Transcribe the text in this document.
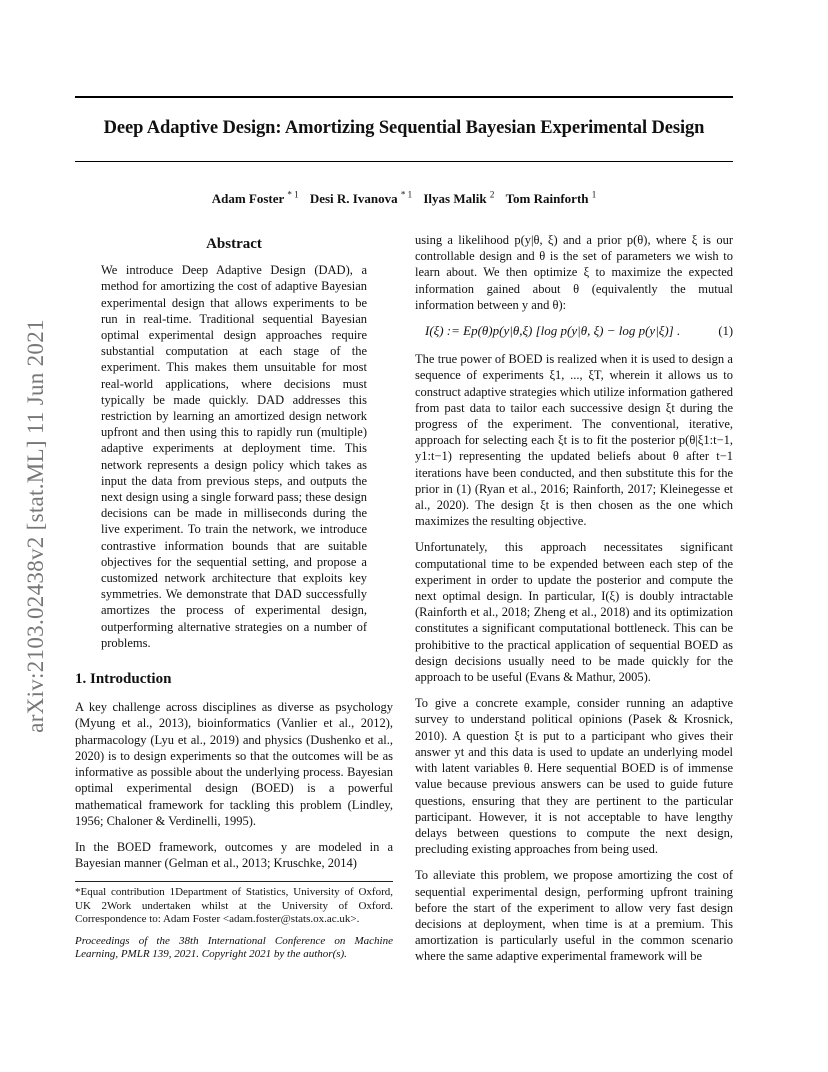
Deep Adaptive Design: Amortizing Sequential Bayesian Experimental Design
Adam Foster $^{* 1}$ Desi R. Ivanova $^{* 1}$ Ilyas Malik $^2$ Tom Rainforth $^1$
arXiv:2103.02438v2 [stat.ML] 11 Jun 2021
Abstract

We introduce Deep Adaptive Design (DAD), a method for amortizing the cost of adaptive Bayesian experimental design that allows experiments to be run in real-time. Traditional sequential Bayesian optimal experimental design approaches require substantial computation at each stage of the experiment. This makes them unsuitable for most real-world applications, where decisions must typically be made quickly. DAD addresses this restriction by learning an amortized design network upfront and then using this to rapidly run (multiple) adaptive experiments at deployment time. This network represents a design policy which takes as input the data from previous steps, and outputs the next design using a single forward pass; these design decisions can be made in milliseconds during the live experiment. To train the network, we introduce contrastive information bounds that are suitable objectives for the sequential setting, and propose a customized network architecture that exploits key symmetries. We demonstrate that DAD successfully amortizes the process of experimental design, outperforming alternative strategies on a number of problems.

1. Introduction

A key challenge across disciplines as diverse as psychology (Myung et al., 2013), bioinformatics (Vanlier et al., 2012), pharmacology (Lyu et al., 2019) and physics (Dushenko et al., 2020) is to design experiments so that the outcomes will be as informative as possible about the underlying process. Bayesian optimal experimental design (BOED) is a powerful mathematical framework for tackling this problem (Lindley, 1956; Chaloner & Verdinelli, 1995).

In the BOED framework, outcomes y are modeled in a Bayesian manner (Gelman et al., 2013; Kruschke, 2014)

*Equal contribution 1Department of Statistics, University of Oxford, UK 2Work undertaken whilst at the University of Oxford. Correspondence to: Adam Foster <adam.foster@stats.ox.ac.uk>.

Proceedings of the 38th International Conference on Machine Learning, PMLR 139, 2021. Copyright 2021 by the author(s).

using a likelihood p(y|θ, ξ) and a prior p(θ), where ξ is our controllable design and θ is the set of parameters we wish to learn about. We then optimize ξ to maximize the expected information gained about θ (equivalently the mutual information between y and θ):

I(ξ) := Ep(θ)p(y|θ,ξ) [log p(y|θ, ξ) − log p(y|ξ)] .	(1)

The true power of BOED is realized when it is used to design a sequence of experiments ξ1, ..., ξT, wherein it allows us to construct adaptive strategies which utilize information gathered from past data to tailor each successive design ξt during the progress of the experiment. The conventional, iterative, approach for selecting each ξt is to fit the posterior p(θ|ξ1:t−1, y1:t−1) representing the updated beliefs about θ after t−1 iterations have been conducted, and then substitute this for the prior in (1) (Ryan et al., 2016; Rainforth, 2017; Kleinegesse et al., 2020). The design ξt is then chosen as the one which maximizes the resulting objective.

Unfortunately, this approach necessitates significant computational time to be expended between each step of the experiment in order to update the posterior and compute the next optimal design. In particular, I(ξ) is doubly intractable (Rainforth et al., 2018; Zheng et al., 2018) and its optimization constitutes a significant computational bottleneck. This can be prohibitive to the practical application of sequential BOED as design decisions usually need to be made quickly for the approach to be useful (Evans & Mathur, 2005).

To give a concrete example, consider running an adaptive survey to understand political opinions (Pasek & Krosnick, 2010). A question ξt is put to a participant who gives their answer yt and this data is used to update an underlying model with latent variables θ. Here sequential BOED is of immense value because previous answers can be used to guide future questions, ensuring that they are pertinent to the particular participant. However, it is not acceptable to have lengthy delays between questions to compute the next design, precluding existing approaches from being used.

To alleviate this problem, we propose amortizing the cost of sequential experimental design, performing upfront training before the start of the experiment to allow very fast design decisions at deployment, when time is at a premium. This amortization is particularly useful in the common scenario where the same adaptive experimental framework will be
